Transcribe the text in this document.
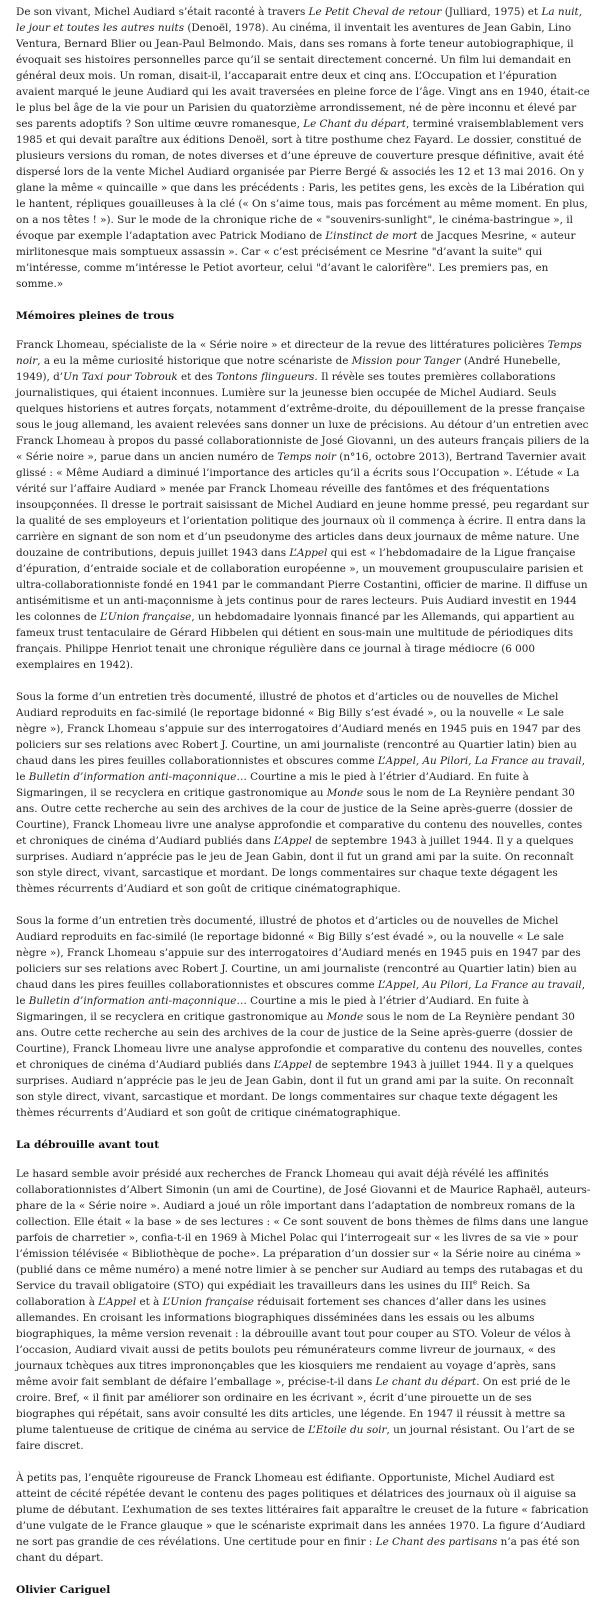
De son vivant, Michel Audiard s’était raconté à travers Le Petit Cheval de retour (Julliard, 1975) et La nuit, le jour et toutes les autres nuits (Denoël, 1978). Au cinéma, il inventait les aventures de Jean Gabin, Lino Ventura, Bernard Blier ou Jean-Paul Belmondo. Mais, dans ses romans à forte teneur autobiographique, il évoquait ses histoires personnelles parce qu’il se sentait directement concerné. Un film lui demandait en général deux mois. Un roman, disait-il, l’accaparait entre deux et cinq ans. L’Occupation et l’épuration avaient marqué le jeune Audiard qui les avait traversées en pleine force de l’âge. Vingt ans en 1940, était-ce le plus bel âge de la vie pour un Parisien du quatorzième arrondissement, né de père inconnu et élevé par ses parents adoptifs ? Son ultime œuvre romanesque, Le Chant du départ, terminé vraisemblablement vers 1985 et qui devait paraître aux éditions Denoël, sort à titre posthume chez Fayard. Le dossier, constitué de plusieurs versions du roman, de notes diverses et d’une épreuve de couverture presque définitive, avait été dispersé lors de la vente Michel Audiard organisée par Pierre Bergé & associés les 12 et 13 mai 2016. On y glane la même « quincaille » que dans les précédents : Paris, les petites gens, les excès de la Libération qui le hantent, répliques gouailleuses à la clé (« On s’aime tous, mais pas forcément au même moment. En plus, on a nos têtes ! »). Sur le mode de la chronique riche de « "souvenirs-sunlight", le cinéma-bastringue », il évoque par exemple l’adaptation avec Patrick Modiano de L’instinct de mort de Jacques Mesrine, « auteur mirlitonesque mais somptueux assassin ». Car « c’est précisément ce Mesrine "d’avant la suite" qui m’intéresse, comme m’intéresse le Petiot avorteur, celui "d’avant le calorifère". Les premiers pas, en somme.»

Mémoires pleines de trous

Franck Lhomeau, spécialiste de la « Série noire » et directeur de la revue des littératures policières Temps noir, a eu la même curiosité historique que notre scénariste de Mission pour Tanger (André Hunebelle, 1949), d’Un Taxi pour Tobrouk et des Tontons flingueurs. Il révèle ses toutes premières collaborations journalistiques, qui étaient inconnues. Lumière sur la jeunesse bien occupée de Michel Audiard. Seuls quelques historiens et autres forçats, notamment d’extrême-droite, du dépouillement de la presse française sous le joug allemand, les avaient relevées sans donner un luxe de précisions. Au détour d’un entretien avec Franck Lhomeau à propos du passé collaborationniste de José Giovanni, un des auteurs français piliers de la « Série noire », parue dans un ancien numéro de Temps noir (n°16, octobre 2013), Bertrand Tavernier avait glissé : « Même Audiard a diminué l’importance des articles qu’il a écrits sous l’Occupation ». L’étude « La vérité sur l’affaire Audiard » menée par Franck Lhomeau réveille des fantômes et des fréquentations insoupçonnées. Il dresse le portrait saisissant de Michel Audiard en jeune homme pressé, peu regardant sur la qualité de ses employeurs et l’orientation politique des journaux où il commença à écrire. Il entra dans la carrière en signant de son nom et d’un pseudonyme des articles dans deux journaux de même nature. Une douzaine de contributions, depuis juillet 1943 dans L’Appel qui est « l’hebdomadaire de la Ligue française d’épuration, d’entraide sociale et de collaboration européenne », un mouvement groupusculaire parisien et ultra-collaborationniste fondé en 1941 par le commandant Pierre Costantini, officier de marine. Il diffuse un antisémitisme et un anti-maçonnisme à jets continus pour de rares lecteurs. Puis Audiard investit en 1944 les colonnes de L’Union française, un hebdomadaire lyonnais financé par les Allemands, qui appartient au fameux trust tentaculaire de Gérard Hibbelen qui détient en sous-main une multitude de périodiques dits français. Philippe Henriot tenait une chronique régulière dans ce journal à tirage médiocre (6 000 exemplaires en 1942).

Sous la forme d’un entretien très documenté, illustré de photos et d’articles ou de nouvelles de Michel Audiard reproduits en fac-similé (le reportage bidonné « Big Billy s’est évadé », ou la nouvelle « Le sale nègre »), Franck Lhomeau s’appuie sur des interrogatoires d’Audiard menés en 1945 puis en 1947 par des policiers sur ses relations avec Robert J. Courtine, un ami journaliste (rencontré au Quartier latin) bien au chaud dans les pires feuilles collaborationnistes et obscures comme L’Appel, Au Pilori, La France au travail, le Bulletin d’information anti-maçonnique… Courtine a mis le pied à l’étrier d’Audiard. En fuite à Sigmaringen, il se recyclera en critique gastronomique au Monde sous le nom de La Reynière pendant 30 ans. Outre cette recherche au sein des archives de la cour de justice de la Seine après-guerre (dossier de Courtine), Franck Lhomeau livre une analyse approfondie et comparative du contenu des nouvelles, contes et chroniques de cinéma d’Audiard publiés dans L’Appel de septembre 1943 à juillet 1944. Il y a quelques surprises. Audiard n’apprécie pas le jeu de Jean Gabin, dont il fut un grand ami par la suite. On reconnaît son style direct, vivant, sarcastique et mordant. De longs commentaires sur chaque texte dégagent les thèmes récurrents d’Audiard et son goût de critique cinématographique.

Sous la forme d’un entretien très documenté, illustré de photos et d’articles ou de nouvelles de Michel Audiard reproduits en fac-similé (le reportage bidonné « Big Billy s’est évadé », ou la nouvelle « Le sale nègre »), Franck Lhomeau s’appuie sur des interrogatoires d’Audiard menés en 1945 puis en 1947 par des policiers sur ses relations avec Robert J. Courtine, un ami journaliste (rencontré au Quartier latin) bien au chaud dans les pires feuilles collaborationnistes et obscures comme L’Appel, Au Pilori, La France au travail, le Bulletin d’information anti-maçonnique… Courtine a mis le pied à l’étrier d’Audiard. En fuite à Sigmaringen, il se recyclera en critique gastronomique au Monde sous le nom de La Reynière pendant 30 ans. Outre cette recherche au sein des archives de la cour de justice de la Seine après-guerre (dossier de Courtine), Franck Lhomeau livre une analyse approfondie et comparative du contenu des nouvelles, contes et chroniques de cinéma d’Audiard publiés dans L’Appel de septembre 1943 à juillet 1944. Il y a quelques surprises. Audiard n’apprécie pas le jeu de Jean Gabin, dont il fut un grand ami par la suite. On reconnaît son style direct, vivant, sarcastique et mordant. De longs commentaires sur chaque texte dégagent les thèmes récurrents d’Audiard et son goût de critique cinématographique.

La débrouille avant tout

Le hasard semble avoir présidé aux recherches de Franck Lhomeau qui avait déjà révélé les affinités collaborationnistes d’Albert Simonin (un ami de Courtine), de José Giovanni et de Maurice Raphaël, auteurs-phare de la « Série noire ». Audiard a joué un rôle important dans l’adaptation de nombreux romans de la collection. Elle était « la base » de ses lectures : « Ce sont souvent de bons thèmes de films dans une langue parfois de charretier », confia-t-il en 1969 à Michel Polac qui l’interrogeait sur « les livres de sa vie » pour l’émission télévisée « Bibliothèque de poche». La préparation d’un dossier sur « la Série noire au cinéma » (publié dans ce même numéro) a mené notre limier à se pencher sur Audiard au temps des rutabagas et du Service du travail obligatoire (STO) qui expédiait les travailleurs dans les usines du IIIe Reich. Sa collaboration à L’Appel et à L’Union française réduisait fortement ses chances d’aller dans les usines allemandes. En croisant les informations biographiques disséminées dans les essais ou les albums biographiques, la même version revenait : la débrouille avant tout pour couper au STO. Voleur de vélos à l’occasion, Audiard vivait aussi de petits boulots peu rémunérateurs comme livreur de journaux, « des journaux tchèques aux titres imprononçables que les kiosquiers me rendaient au voyage d’après, sans même avoir fait semblant de défaire l’emballage », précise-t-il dans Le chant du départ. On est prié de le croire. Bref, « il finit par améliorer son ordinaire en les écrivant », écrit d’une pirouette un de ses biographes qui répétait, sans avoir consulté les dits articles, une légende. En 1947 il réussit à mettre sa plume talentueuse de critique de cinéma au service de L’Etoile du soir, un journal résistant. Ou l’art de se faire discret.

À petits pas, l’enquête rigoureuse de Franck Lhomeau est édifiante. Opportuniste, Michel Audiard est atteint de cécité répétée devant le contenu des pages politiques et délatrices des journaux où il aiguise sa plume de débutant. L’exhumation de ses textes littéraires fait apparaître le creuset de la future « fabrication d’une vulgate de le France glauque » que le scénariste exprimait dans les années 1970. La figure d’Audiard ne sort pas grandie de ces révélations. Une certitude pour en finir : Le Chant des partisans n’a pas été son chant du départ.

Olivier Cariguel
